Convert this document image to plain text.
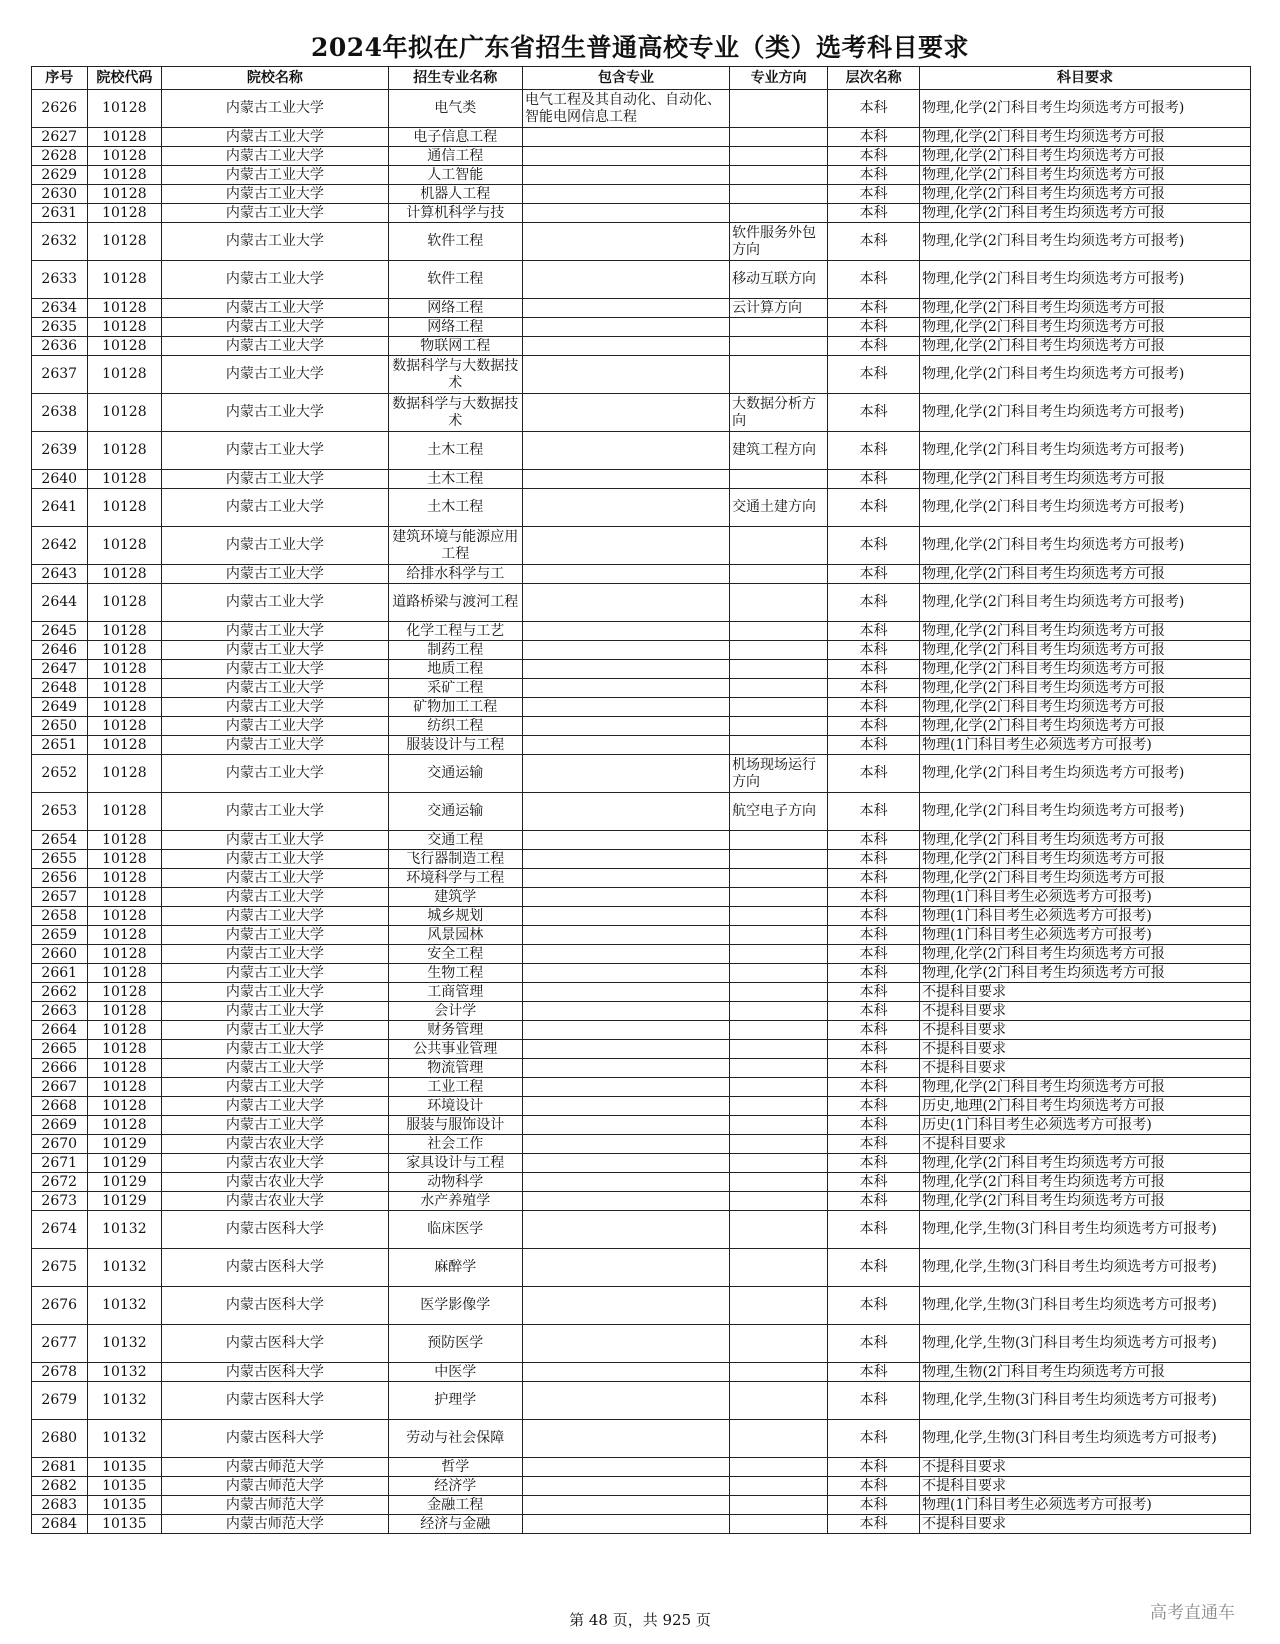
2024年拟在广东省招生普通高校专业（类）选考科目要求
序号	院校代码	院校名称	招生专业名称	包含专业	专业方向	层次名称	科目要求
2626	10128	内蒙古工业大学	电气类	电气工程及其自动化、自动化、智能电网信息工程		本科	物理,化学(2门科目考生均须选考方可报考)
2627	10128	内蒙古工业大学	电子信息工程			本科	物理,化学(2门科目考生均须选考方可报
2628	10128	内蒙古工业大学	通信工程			本科	物理,化学(2门科目考生均须选考方可报
2629	10128	内蒙古工业大学	人工智能			本科	物理,化学(2门科目考生均须选考方可报
2630	10128	内蒙古工业大学	机器人工程			本科	物理,化学(2门科目考生均须选考方可报
2631	10128	内蒙古工业大学	计算机科学与技			本科	物理,化学(2门科目考生均须选考方可报
2632	10128	内蒙古工业大学	软件工程		软件服务外包方向	本科	物理,化学(2门科目考生均须选考方可报考)
2633	10128	内蒙古工业大学	软件工程		移动互联方向	本科	物理,化学(2门科目考生均须选考方可报考)
2634	10128	内蒙古工业大学	网络工程		云计算方向	本科	物理,化学(2门科目考生均须选考方可报
2635	10128	内蒙古工业大学	网络工程			本科	物理,化学(2门科目考生均须选考方可报
2636	10128	内蒙古工业大学	物联网工程			本科	物理,化学(2门科目考生均须选考方可报
2637	10128	内蒙古工业大学	数据科学与大数据技术			本科	物理,化学(2门科目考生均须选考方可报考)
2638	10128	内蒙古工业大学	数据科学与大数据技术		大数据分析方向	本科	物理,化学(2门科目考生均须选考方可报考)
2639	10128	内蒙古工业大学	土木工程		建筑工程方向	本科	物理,化学(2门科目考生均须选考方可报考)
2640	10128	内蒙古工业大学	土木工程			本科	物理,化学(2门科目考生均须选考方可报
2641	10128	内蒙古工业大学	土木工程		交通土建方向	本科	物理,化学(2门科目考生均须选考方可报考)
2642	10128	内蒙古工业大学	建筑环境与能源应用工程			本科	物理,化学(2门科目考生均须选考方可报考)
2643	10128	内蒙古工业大学	给排水科学与工			本科	物理,化学(2门科目考生均须选考方可报
2644	10128	内蒙古工业大学	道路桥梁与渡河工程			本科	物理,化学(2门科目考生均须选考方可报考)
2645	10128	内蒙古工业大学	化学工程与工艺			本科	物理,化学(2门科目考生均须选考方可报
2646	10128	内蒙古工业大学	制药工程			本科	物理,化学(2门科目考生均须选考方可报
2647	10128	内蒙古工业大学	地质工程			本科	物理,化学(2门科目考生均须选考方可报
2648	10128	内蒙古工业大学	采矿工程			本科	物理,化学(2门科目考生均须选考方可报
2649	10128	内蒙古工业大学	矿物加工工程			本科	物理,化学(2门科目考生均须选考方可报
2650	10128	内蒙古工业大学	纺织工程			本科	物理,化学(2门科目考生均须选考方可报
2651	10128	内蒙古工业大学	服装设计与工程			本科	物理(1门科目考生必须选考方可报考)
2652	10128	内蒙古工业大学	交通运输		机场现场运行方向	本科	物理,化学(2门科目考生均须选考方可报考)
2653	10128	内蒙古工业大学	交通运输		航空电子方向	本科	物理,化学(2门科目考生均须选考方可报考)
2654	10128	内蒙古工业大学	交通工程			本科	物理,化学(2门科目考生均须选考方可报
2655	10128	内蒙古工业大学	飞行器制造工程			本科	物理,化学(2门科目考生均须选考方可报
2656	10128	内蒙古工业大学	环境科学与工程			本科	物理,化学(2门科目考生均须选考方可报
2657	10128	内蒙古工业大学	建筑学			本科	物理(1门科目考生必须选考方可报考)
2658	10128	内蒙古工业大学	城乡规划			本科	物理(1门科目考生必须选考方可报考)
2659	10128	内蒙古工业大学	风景园林			本科	物理(1门科目考生必须选考方可报考)
2660	10128	内蒙古工业大学	安全工程			本科	物理,化学(2门科目考生均须选考方可报
2661	10128	内蒙古工业大学	生物工程			本科	物理,化学(2门科目考生均须选考方可报
2662	10128	内蒙古工业大学	工商管理			本科	不提科目要求
2663	10128	内蒙古工业大学	会计学			本科	不提科目要求
2664	10128	内蒙古工业大学	财务管理			本科	不提科目要求
2665	10128	内蒙古工业大学	公共事业管理			本科	不提科目要求
2666	10128	内蒙古工业大学	物流管理			本科	不提科目要求
2667	10128	内蒙古工业大学	工业工程			本科	物理,化学(2门科目考生均须选考方可报
2668	10128	内蒙古工业大学	环境设计			本科	历史,地理(2门科目考生均须选考方可报
2669	10128	内蒙古工业大学	服装与服饰设计			本科	历史(1门科目考生必须选考方可报考)
2670	10129	内蒙古农业大学	社会工作			本科	不提科目要求
2671	10129	内蒙古农业大学	家具设计与工程			本科	物理,化学(2门科目考生均须选考方可报
2672	10129	内蒙古农业大学	动物科学			本科	物理,化学(2门科目考生均须选考方可报
2673	10129	内蒙古农业大学	水产养殖学			本科	物理,化学(2门科目考生均须选考方可报
2674	10132	内蒙古医科大学	临床医学			本科	物理,化学,生物(3门科目考生均须选考方可报考)
2675	10132	内蒙古医科大学	麻醉学			本科	物理,化学,生物(3门科目考生均须选考方可报考)
2676	10132	内蒙古医科大学	医学影像学			本科	物理,化学,生物(3门科目考生均须选考方可报考)
2677	10132	内蒙古医科大学	预防医学			本科	物理,化学,生物(3门科目考生均须选考方可报考)
2678	10132	内蒙古医科大学	中医学			本科	物理,生物(2门科目考生均须选考方可报
2679	10132	内蒙古医科大学	护理学			本科	物理,化学,生物(3门科目考生均须选考方可报考)
2680	10132	内蒙古医科大学	劳动与社会保障			本科	物理,化学,生物(3门科目考生均须选考方可报考)
2681	10135	内蒙古师范大学	哲学			本科	不提科目要求
2682	10135	内蒙古师范大学	经济学			本科	不提科目要求
2683	10135	内蒙古师范大学	金融工程			本科	物理(1门科目考生必须选考方可报考)
2684	10135	内蒙古师范大学	经济与金融			本科	不提科目要求
第 48 页，共 925 页	高考直通车
